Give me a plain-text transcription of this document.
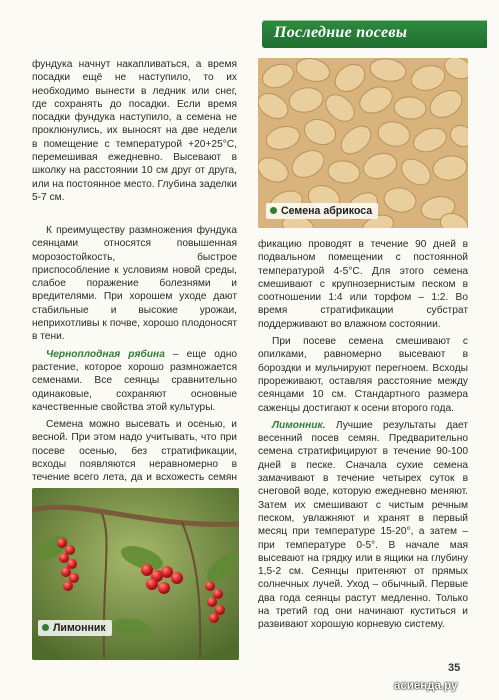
Последние посевы
Семена абрикоса

фундука начнут накапливаться, а время посадки ещё не наступило, то их необходимо вынести в ледник или снег, где сохранять до посадки. Если время посадки фундука наступило, а семена не проклюнулись, их выносят на две недели в помещение с температурой +20+25°С, перемешивая ежедневно. Высевают в школку на расстоянии 10 см друг от друга, или на постоянное место. Глубина заделки 5-7 см.

К преимуществу размножения фундука сеянцами относятся повышенная морозостойкость, быстрое приспособление к условиям новой среды, слабое поражение болезнями и вредителями. При хорошем уходе дают стабильные и высокие урожаи, неприхотливы к почве, хорошо плодоносят в тени.

Черноплодная рябина – еще одно растение, которое хорошо размножается семенами. Все сеянцы сравнительно одинаковые, сохраняют основные качественные свойства этой культуры.

Семена можно высевать и осенью, и весной. При этом надо учитывать, что при посеве осенью, без стратификации, всходы появляются неравномерно в течение всего лета, да и всхожесть семян

фикацию проводят в течение 90 дней в подвальном помещении с постоянной температурой 4-5°С. Для этого семена смешивают с крупнозернистым песком в соотношении 1:4 или торфом – 1:2. Во время стратификации субстрат поддерживают во влажном состоянии.

При посеве семена смешивают с опилками, равномерно высевают в бороздки и мульчируют перегноем. Всходы прореживают, оставляя расстояние между сеянцами 10 см. Стандартного размера саженцы достигают к осени второго года.

Лимонник. Лучшие результаты дает весенний посев семян. Предварительно семена стратифицируют в течение 90-100 дней в песке. Сначала сухие семена замачивают в течение четырех суток в снеговой воде, которую ежедневно меняют. Затем их смешивают с чистым речным песком, увлажняют и хранят в первый месяц при температуре 15-20°, а затем – при температуре 0-5°. В начале мая высевают на грядку или в ящики на глубину 1,5-2 см. Сеянцы притеняют от прямых солнечных лучей. Уход – обычный. Первые два года сеянцы растут медленно. Только на третий год они начинают куститься и развивают хорошую корневую систему.

Лимонник
35
асиенда.ру
